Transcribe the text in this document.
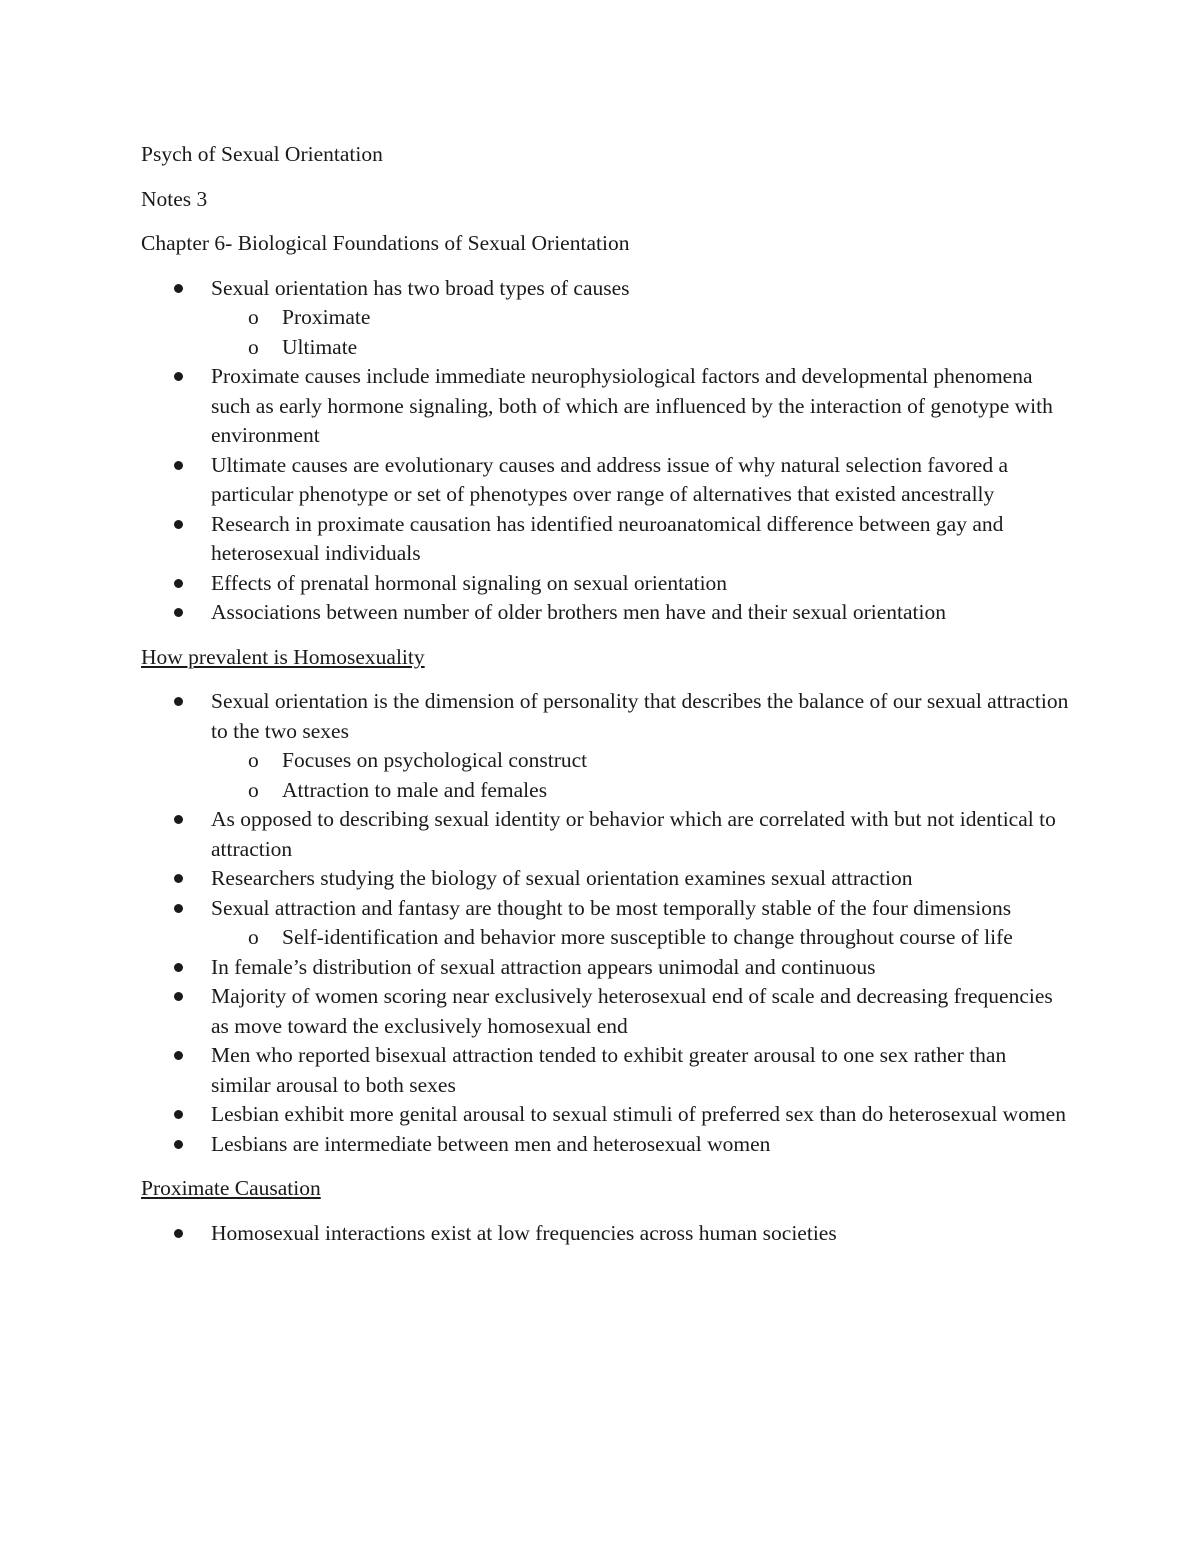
Psych of Sexual Orientation

Notes 3

Chapter 6- Biological Foundations of Sexual Orientation

Sexual orientation has two broad types of causes
o Proximate
o Ultimate
Proximate causes include immediate neurophysiological factors and developmental phenomena such as early hormone signaling, both of which are influenced by the interaction of genotype with environment
Ultimate causes are evolutionary causes and address issue of why natural selection favored a particular phenotype or set of phenotypes over range of alternatives that existed ancestrally
Research in proximate causation has identified neuroanatomical difference between gay and heterosexual individuals
Effects of prenatal hormonal signaling on sexual orientation
Associations between number of older brothers men have and their sexual orientation

How prevalent is Homosexuality

Sexual orientation is the dimension of personality that describes the balance of our sexual attraction to the two sexes
o Focuses on psychological construct
o Attraction to male and females
As opposed to describing sexual identity or behavior which are correlated with but not identical to attraction
Researchers studying the biology of sexual orientation examines sexual attraction
Sexual attraction and fantasy are thought to be most temporally stable of the four dimensions
o Self-identification and behavior more susceptible to change throughout course of life
In female’s distribution of sexual attraction appears unimodal and continuous
Majority of women scoring near exclusively heterosexual end of scale and decreasing frequencies as move toward the exclusively homosexual end
Men who reported bisexual attraction tended to exhibit greater arousal to one sex rather than similar arousal to both sexes
Lesbian exhibit more genital arousal to sexual stimuli of preferred sex than do heterosexual women
Lesbians are intermediate between men and heterosexual women

Proximate Causation

Homosexual interactions exist at low frequencies across human societies
